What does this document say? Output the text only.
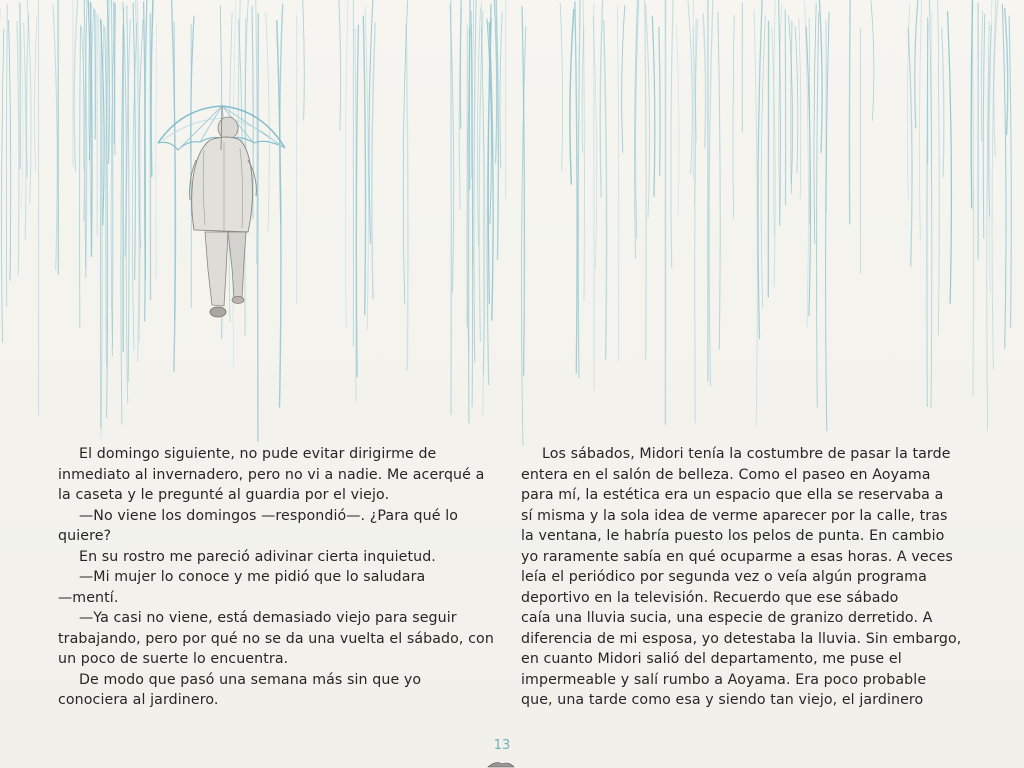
El domingo siguiente, no pude evitar dirigirme de
inmediato al invernadero, pero no vi a nadie. Me acerqué a
la caseta y le pregunté al guardia por el viejo.
—No viene los domingos —respondió—. ¿Para qué lo
quiere?
En su rostro me pareció adivinar cierta inquietud.
—Mi mujer lo conoce y me pidió que lo saludara
—mentí.
—Ya casi no viene, está demasiado viejo para seguir
trabajando, pero por qué no se da una vuelta el sábado, con
un poco de suerte lo encuentra.
De modo que pasó una semana más sin que yo
conociera al jardinero.
Los sábados, Midori tenía la costumbre de pasar la tarde
entera en el salón de belleza. Como el paseo en Aoyama
para mí, la estética era un espacio que ella se reservaba a
sí misma y la sola idea de verme aparecer por la calle, tras
la ventana, le habría puesto los pelos de punta. En cambio
yo raramente sabía en qué ocuparme a esas horas. A veces
leía el periódico por segunda vez o veía algún programa
deportivo en la televisión. Recuerdo que ese sábado
caía una lluvia sucia, una especie de granizo derretido. A
diferencia de mi esposa, yo detestaba la lluvia. Sin embargo,
en cuanto Midori salió del departamento, me puse el
impermeable y salí rumbo a Aoyama. Era poco probable
que, una tarde como esa y siendo tan viejo, el jardinero
13
